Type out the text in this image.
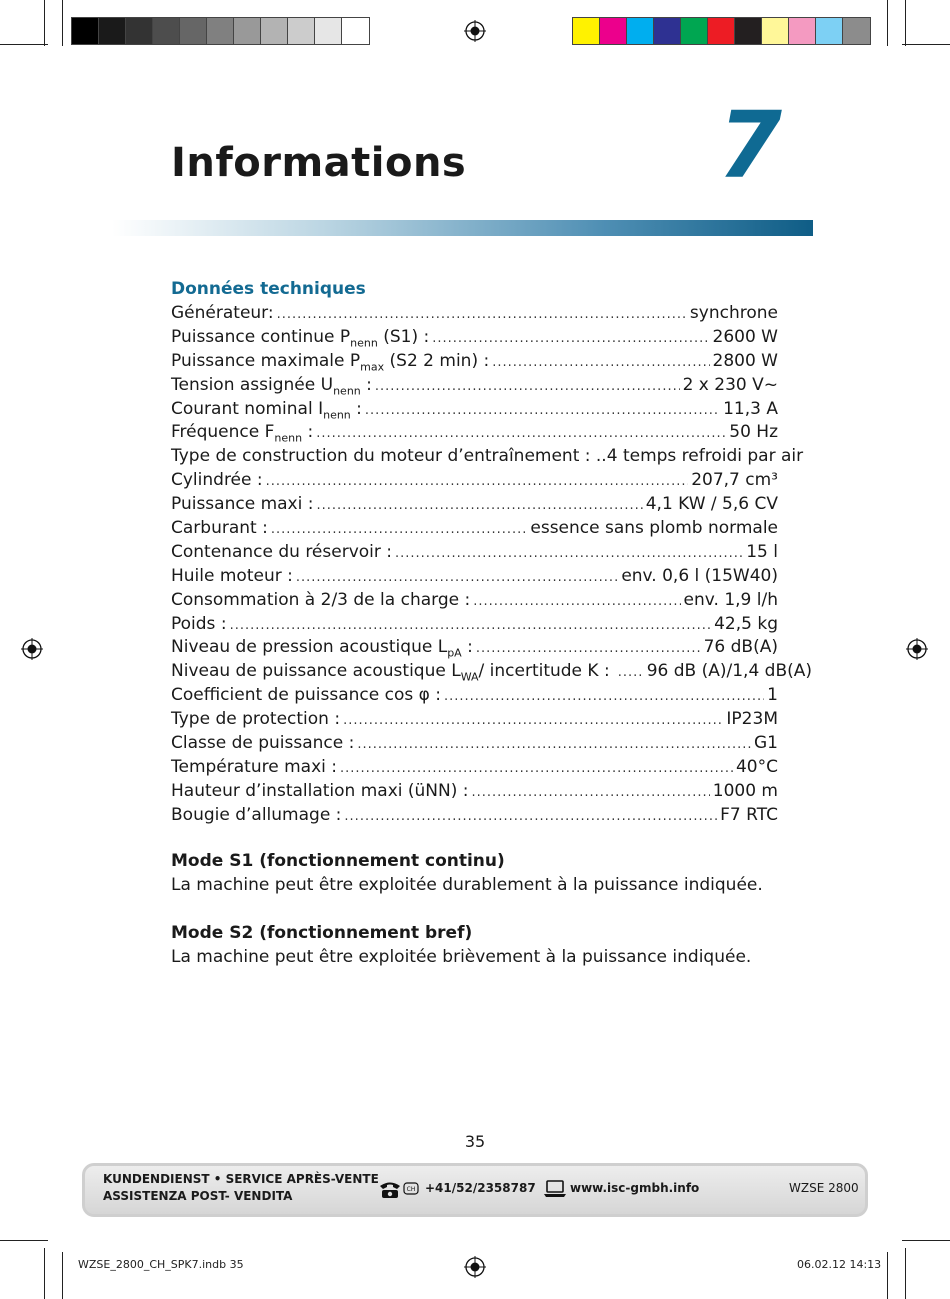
Informations	7
Données techniques
Générateur: .....	synchrone
Puissance continue $P_{nenn}$ (S1) : .....	2600 W
Puissance maximale $P_{max}$ (S2 2 min) : .....	2800 W
Tension assignée $U_{nenn}$ : .....	2 x 230 V~
Courant nominal $I_{nenn}$ : .....	11,3 A
Fréquence $F_{nenn}$ : .....	50 Hz
Type de construction du moteur d’entraînement : .. 4 temps refroidi par air
Cylindrée : .....	207,7 cm³
Puissance maxi : .....	4,1 KW / 5,6 CV
Carburant : .....	essence sans plomb normale
Contenance du réservoir : .....	15 l
Huile moteur : .....	env. 0,6 l (15W40)
Consommation à 2/3 de la charge : .....	env. 1,9 l/h
Poids : .....	42,5 kg
Niveau de pression acoustique $L_{pA}$ : .....	76 dB(A)
Niveau de puissance acoustique $L_{WA}/$ incertitude K : ..... 96 dB (A)/1,4 dB(A)
Coefficient de puissance cos φ : .....	1
Type de protection : .....	IP23M
Classe de puissance : .....	G1
Température maxi : .....	40°C
Hauteur d’installation maxi (üNN) : .....	1000 m
Bougie d’allumage : .....	F7 RTC
Mode S1 (fonctionnement continu)
La machine peut être exploitée durablement à la puissance indiquée.
Mode S2 (fonctionnement bref)
La machine peut être exploitée brièvement à la puissance indiquée.
35
KUNDENDIENST • SERVICE APRÈS-VENTE
ASSISTENZA POST- VENDITA	CH +41/52/2358787	www.isc-gmbh.info	WZSE 2800
WZSE_2800_CH_SPK7.indb 35	06.02.12 14:13
